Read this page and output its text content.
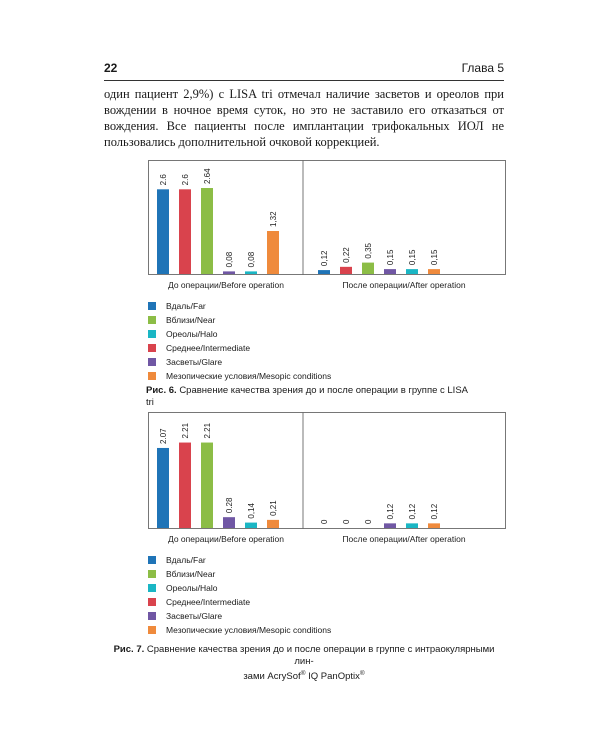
22	Глава 5

один пациент 2,9%) с LISA tri отмечал наличие засветов и ореолов при вождении в ночное время суток, но это не заставило его отказаться от вождения. Все пациенты после имплантации трифокальных ИОЛ не пользовались дополнительной очковой коррекцией.

2.6
0,12
2.6
0,22
2.64
0,35
0,08	0,15
0,08	0,15
1,32
0,15
До операции/Before operation	После операции/After operation
Вдаль/Far
Вблизи/Near
Ореолы/Halo
Среднее/Intermediate
Засветы/Glare
Мезопические условия/Mesopic conditions
Рис. 6. Сравнение качества зрения до и после операции в группе с LISA tri
2.07
0
2.21
0
2.21
0
0.28	0,12
0,14	0,12
0,21	0,12
До операции/Before operation	После операции/After operation
Вдаль/Far
Вблизи/Near
Ореолы/Halo
Среднее/Intermediate
Засветы/Glare
Мезопические условия/Mesopic conditions
Рис. 7. Сравнение качества зрения до и после операции в группе с интраокулярными лин-
зами AcrySof® IQ PanOptix®
